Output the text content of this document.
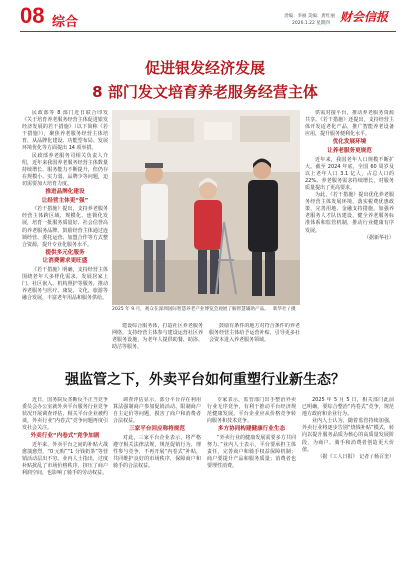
08 综合	责编：李丽 美编：唐红丽
2026.1.22 星期四 财会信报
促进银发经济发展
8 部门发文培育养老服务经营主体

民政部等 8 部门近日联合印发《关于培育养老服务经营主体促进银发经济发展的若干措施》（以下简称《若干措施》），聚焦养老服务经营主体培育，从品牌化建设、功能型布局、发展环境优化等方面提出 14 项举措。

民政部养老服务司相关负责人介绍，近年来我国养老服务经营主体数量持续增长、服务能力不断提升，但仍存在规模小、实力弱、品牌少等问题，迫切需要加大培育力度。

推进品牌化建设
让经营主体更“强”

《若干措施》提出，支持养老服务经营主体跨区域、规模化、连锁化发展，培育一批服务质量好、社会信誉高的养老服务品牌。鼓励经营主体通过连锁经营、委托运营、加盟合作等方式整合资源，提升专业化服务水平。

提供多元化服务
让消费需求更旺盛

《若干措施》明确，支持经营主体围绕老年人多样化需求，发展居家上门、社区嵌入、机构照护等服务，推动养老服务与医疗、康复、文化、旅游等融合发展，丰富老年用品和服务供给。

2025 年 9 月，观众在深圳国际智慧养老产业博览会观展了解智慧辅助产品。 新华社 / 摄

建设综合服务体，打造社区养老服务网络，支持经营主体参与建设运营社区养老服务设施，为老年人提供助餐、助浴、助洁等服务。

鼓励有条件的地方对符合条件的养老服务经营主体给予运营补贴，引导更多社会资本进入养老服务领域。

供需对接平台，推动养老服务资源共享。《若干措施》还提出，支持经营主体开发适老化产品，推广智能养老设备应用，提升服务便利化水平。

优化发展环境
让养老服务更规范

近年来，我国老年人口规模不断扩大。截至 2024 年底，全国 60 周岁及以上老年人口 3.1 亿人，占总人口的 22%。养老服务需求持续增长，对服务质量提出了更高要求。

为此，《若干措施》提出优化养老服务经营主体发展环境，落实税费优惠政策，完善用地、金融支持措施，加强养老服务人才队伍建设，健全养老服务标准体系和监管机制，推动行业健康有序发展。

（据新华社）

强监管之下，外卖平台如何重塑行业新生态？

近日，国务院反垄断反不正当竞争委员会办公室就外卖平台服务行业竞争状况开展调查评估，相关平台企业被约谈，外卖行业“内卷式”竞争问题再度引发社会关注。

外卖行业“内卷式”竞争加剧

近年来，外卖平台之间的补贴大战愈演愈烈，“0 元购”“1 分钱奶茶”等营销活动层出不穷。业内人士指出，过度补贴扰乱了市场价格秩序，挤压了商户利润空间，也影响了骑手的劳动权益。

调查评估显示，部分平台存在利用算法强制商户参加促销活动、限制商户自主定价等问题，损害了商户和消费者合法权益。

三家平台回应称将规范

对此，三家平台企业表示，将严格遵守相关法律法规，规范促销行为，理性参与竞争，不再开展“内卷式”补贴，共同维护良好的市场秩序，保障商户和骑手的合法权益。

专家表示，监管部门出手整治外卖行业无序竞争，有利于推动平台经济规范健康发展。平台企业应从价格竞争转向服务和技术竞争。

多方协同构建健康行业生态

“外卖行业的健康发展需要多方共同努力。”业内人士表示，平台要承担主体责任，完善商户和骑手权益保障机制；商户要提升产品和服务质量；消费者也要理性消费。

2025 年 5 月 5 日，相关部门此前已明确，要综合整治“内卷式”竞争，规范地方政府和企业行为。

业内人士认为，随着监管持续加强，外卖行业将逐步告别“烧钱补贴”模式，转向以提升服务品质为核心的高质量发展阶段，为商户、骑手和消费者创造更大价值。

（据《工人日报》 记者 / 杨召奎）
